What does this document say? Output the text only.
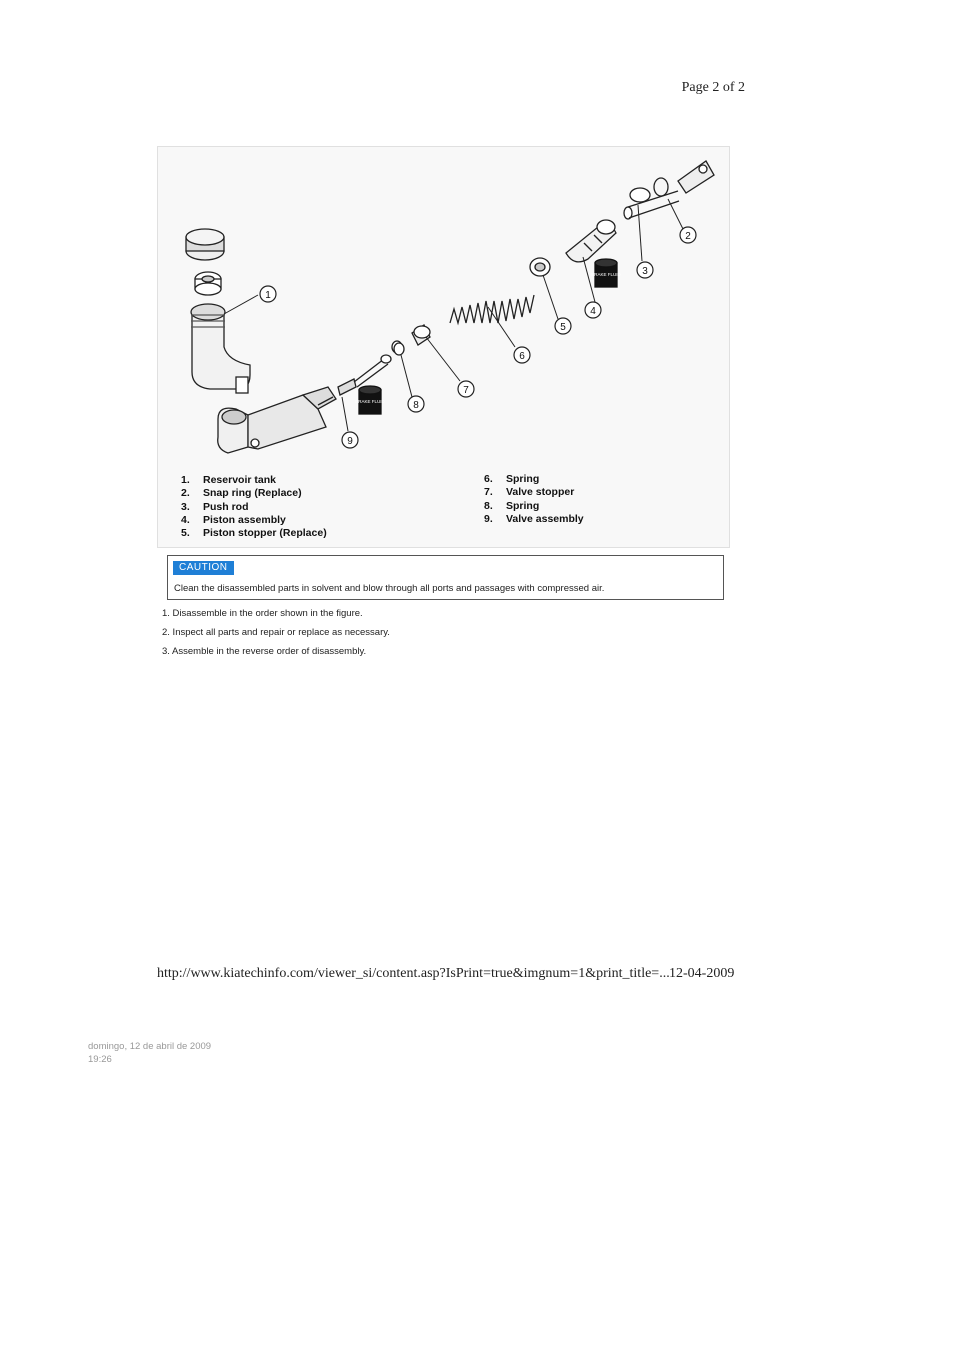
Page 2 of 2
BRAKE FLUID
BRAKE FLUID
1
2
3
4
5
6
7
8
9
1.	Reservoir tank
2.	Snap ring (Replace)
3.	Push rod
4.	Piston assembly
5.	Piston stopper (Replace)
6.	Spring
7.	Valve stopper
8.	Spring
9.	Valve assembly
CAUTION
Clean the disassembled parts in solvent and blow through all ports and passages with compressed air.
1. Disassemble in the order shown in the figure.
2. Inspect all parts and repair or replace as necessary.
3. Assemble in the reverse order of disassembly.
http://www.kiatechinfo.com/viewer_si/content.asp?IsPrint=true&imgnum=1&print_title=... 12-04-2009
domingo, 12 de abril de 2009
19:26
